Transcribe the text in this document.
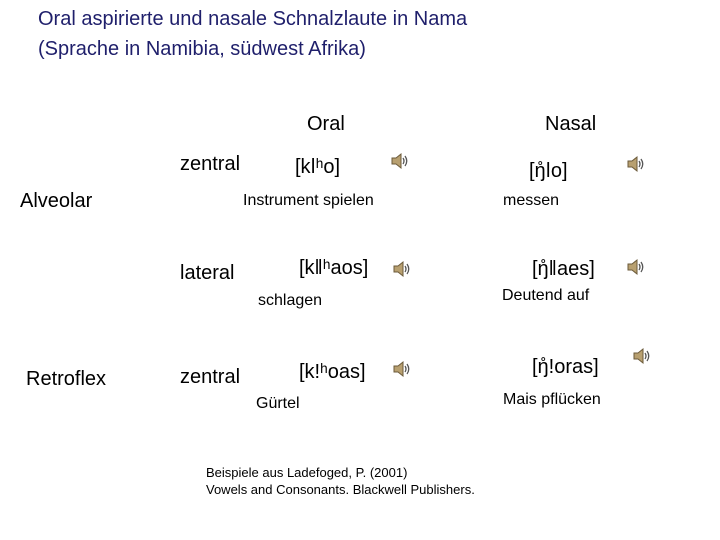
Oral aspirierte und nasale Schnalzlaute in Nama
(Sprache in Namibia, südwest Afrika)
Oral	Nasal
Alveolar
Retroflex
zentral
lateral
zentral
[kǀʰo]
Instrument spielen
[ŋ̊ǀo]
messen
[kǁʰaos]
schlagen
[ŋ̊ǁaes]
Deutend auf
[k!ʰoas]
Gürtel
[ŋ̊!oras]
Mais pflücken
Beispiele aus Ladefoged, P. (2001)
Vowels and Consonants. Blackwell Publishers.
